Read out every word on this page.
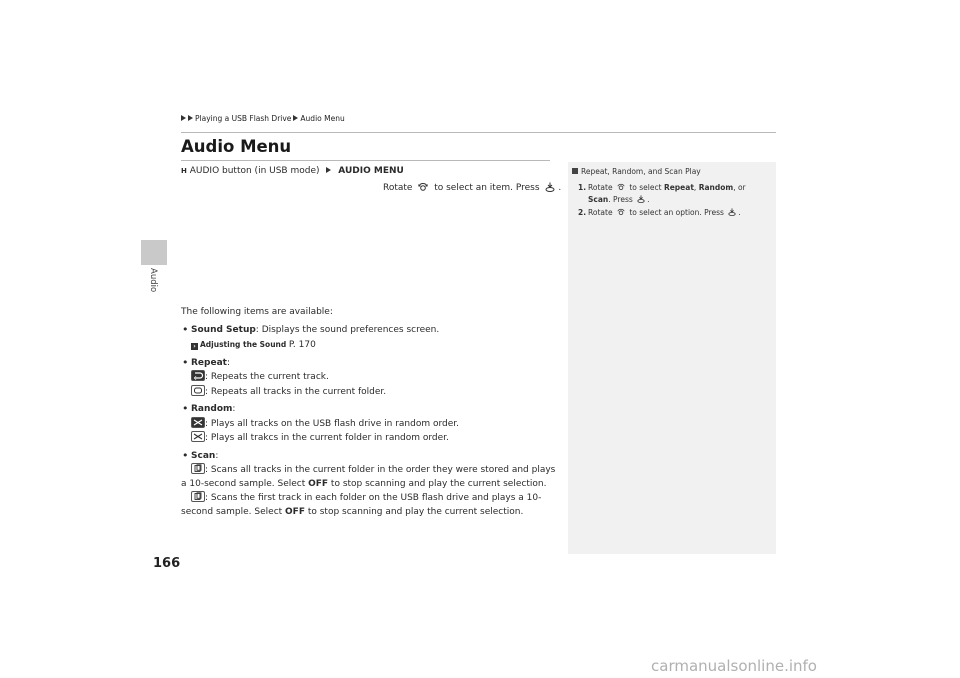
Playing a USB Flash Drive Audio Menu
Audio
Audio Menu
H AUDIO button (in USB mode) AUDIO MENU
Rotate to select an item. Press .

The following items are available:

• Sound Setup: Displays the sound preferences screen.
› Adjusting the Sound P. 170
• Repeat:

: Repeats the current track.

: Repeats all tracks in the current folder.
• Random:

: Plays all tracks on the USB flash drive in random order.

: Plays all trakcs in the current folder in random order.
• Scan:

: Scans all tracks in the current folder in the order they were stored and plays
a 10-second sample. Select OFF to stop scanning and play the current selection.

: Scans the first track in each folder on the USB flash drive and plays a 10-
second sample. Select OFF to stop scanning and play the current selection.
Repeat, Random, and Scan Play
1. Rotate to select Repeat, Random, or
Scan. Press .
2. Rotate to select an option. Press .
166
carmanualsonline.info
